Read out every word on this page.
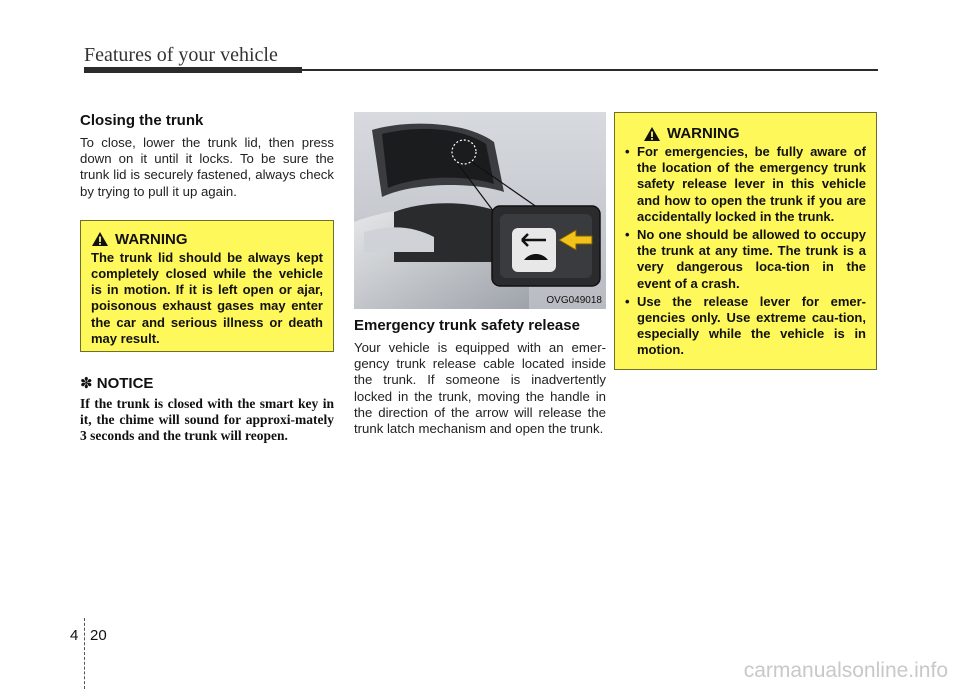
Features of your vehicle
Closing the trunk

To close, lower the trunk lid, then press down on it until it locks. To be sure the trunk lid is securely fastened, always check by trying to pull it up again.

WARNING
The trunk lid should be always kept completely closed while the vehicle is in motion. If it is left open or ajar, poisonous exhaust gases may enter the car and serious illness or death may result.
✽ NOTICE
If the trunk is closed with the smart key in it, the chime will sound for approxi-mately 3 seconds and the trunk will reopen.
OVG049018
Emergency trunk safety release

Your vehicle is equipped with an emer-gency trunk release cable located inside the trunk. If someone is inadvertently locked in the trunk, moving the handle in the direction of the arrow will release the trunk latch mechanism and open the trunk.

WARNING
• For emergencies, be fully aware of the location of the emergency trunk safety release lever in this vehicle and how to open the trunk if you are accidentally locked in the trunk.
• No one should be allowed to occupy the trunk at any time. The trunk is a very dangerous loca-tion in the event of a crash.
• Use the release lever for emer-gencies only. Use extreme cau-tion, especially while the vehicle is in motion.
4 20
carmanualsonline.info
